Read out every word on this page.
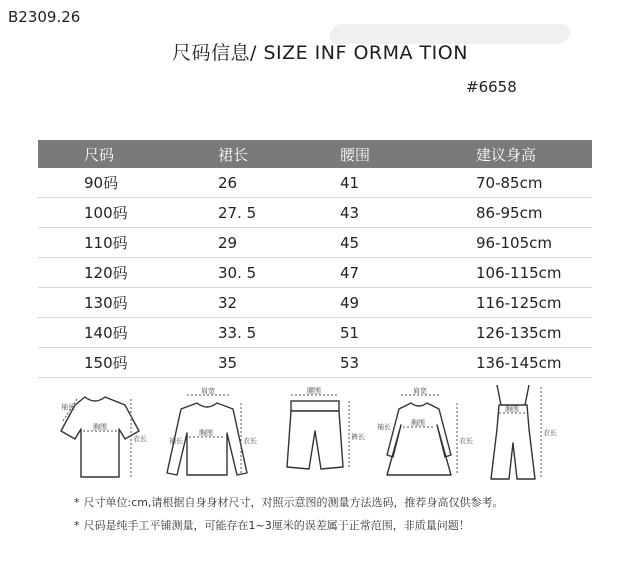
B2309.26
尺码信息/ SIZE INF ORMA TION
#6658
尺码	裙长	腰围	建议身高
90码	26	41	70-85cm
100码	27. 5	43	86-95cm
110码	29	45	96-105cm
120码	30. 5	47	106-115cm
130码	32	49	116-125cm
140码	33. 5	51	126-135cm
150码	35	53	136-145cm
袖长
胸围
衣长
肩宽
袖长
胸围
衣长
腰围
裤长
肩宽
袖长	胸围
衣长
胸围
衣长
* 尺寸单位:cm,请根据自身身材尺寸，对照示意图的测量方法选码，推荐身高仅供参考。
* 尺码是纯手工平铺测量，可能存在1~3厘米的误差属于正常范围，非质量问题！
